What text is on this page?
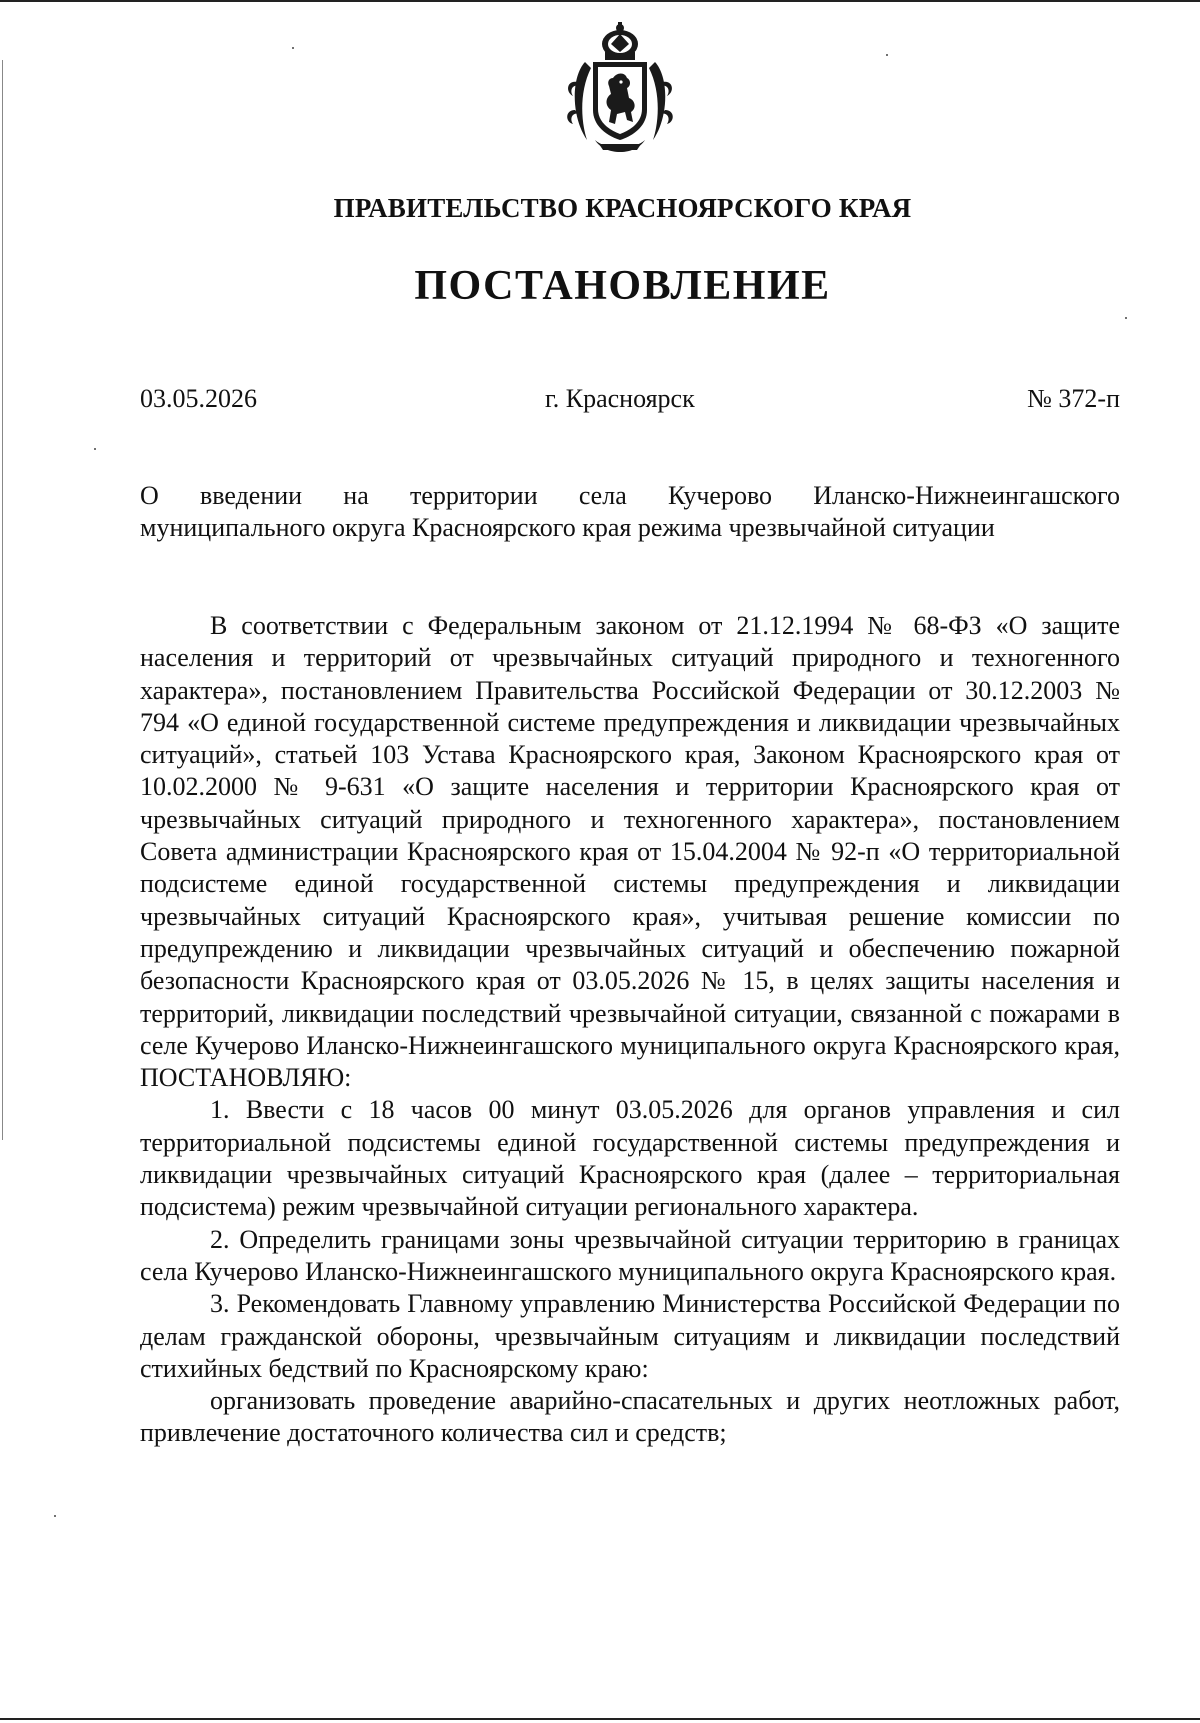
ПРАВИТЕЛЬСТВО КРАСНОЯРСКОГО КРАЯ
ПОСТАНОВЛЕНИЕ
03.05.2026	г. Красноярск	№ 372-п
О введении на территории села Кучерово Иланско-Нижнеингашского
муниципального округа Красноярского края режима чрезвычайной ситуации

В соответствии с Федеральным законом от 21.12.1994 № 68-ФЗ «О защите населения и территорий от чрезвычайных ситуаций природного и техногенного характера», постановлением Правительства Российской Федерации от 30.12.2003 № 794 «О единой государственной системе предупреждения и ликвидации чрезвычайных ситуаций», статьей 103 Устава Красноярского края, Законом Красноярского края от 10.02.2000 № 9-631 «О защите населения и территории Красноярского края от чрезвычайных ситуаций природного и техногенного характера», постановлением Совета администрации Красноярского края от 15.04.2004 № 92-п «О территориальной подсистеме единой государственной системы предупреждения и ликвидации чрезвычайных ситуаций Красноярского края», учитывая решение комиссии по предупреждению и ликвидации чрезвычайных ситуаций и обеспечению пожарной безопасности Красноярского края от 03.05.2026 № 15, в целях защиты населения и территорий, ликвидации последствий чрезвычайной ситуации, связанной с пожарами в селе Кучерово Иланско-Нижнеингашского муниципального округа Красноярского края, ПОСТАНОВЛЯЮ:

1. Ввести с 18 часов 00 минут 03.05.2026 для органов управления и сил территориальной подсистемы единой государственной системы предупреждения и ликвидации чрезвычайных ситуаций Красноярского края (далее – территориальная подсистема) режим чрезвычайной ситуации регионального характера.

2. Определить границами зоны чрезвычайной ситуации территорию в границах села Кучерово Иланско-Нижнеингашского муниципального округа Красноярского края.

3. Рекомендовать Главному управлению Министерства Российской Федерации по делам гражданской обороны, чрезвычайным ситуациям и ликвидации последствий стихийных бедствий по Красноярскому краю:

организовать проведение аварийно-спасательных и других неотложных работ, привлечение достаточного количества сил и средств;
